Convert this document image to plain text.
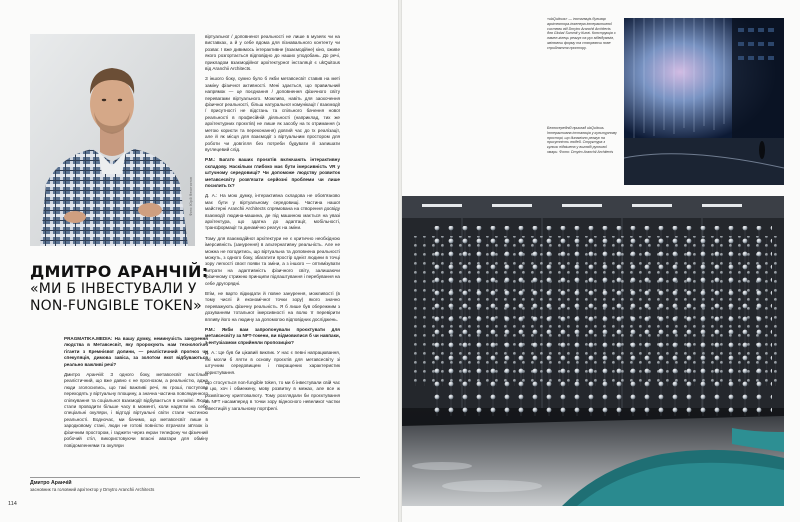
Фото: Юрій Феоктистов
ДМИТРО АРАНЧІЙ:
«МИ Б ІНВЕСТУВАЛИ У NON-FUNGIBLE TOKEN»

PRAGMATIKA.MEDIA: На вашу думку, неминучість занурення людства в Метавсесвіт, яку пророкують нам технологічні гіганти з Кремнієвої долини, — реалістичний прогноз чи спекуляція, димова завіса, за золотом якої відбуваються реально важливі речі?

Дмитро Аранчій: З одного боку, метавсесвіт настільки реалістичний, що вже давно є не прогнозом, а реальністю, адже люди зголосились, що такі важливі речі, як гроші, поступово переходять у віртуальну площину, а значна частина повсякденного спілкування та соціальної взаємодії відбувається в онлайні. Люди стали проводити більше часу в моменті, коли надягли на себе спеціальні окуляри, і відтоді віртуальні світи стали частиною реальності. Водночас, ми бачимо, що метавсесвіт лише в зародковому стані, люди не готові повністю втрачати зв'язок із фізичним простором, і гаджети через екран телефону чи фізичний робочий стіл, використовуючи власні аватари для обміну повідомленнями та окуляри

віртуальної / доповненої реальності не лише в музеях чи на виставках, а й у себе вдома для пізнавального контенту чи розваг. І вже дивимось інтерактивне (взаємодійне) кіно, оживе якого розгортається відповідно до наших уподобань. До речі, прикладом взаємодійної архітектурної інсталяції є ukQuitous від Aranchii Architects.

З іншого боку, сумно було б якби метавсесвіт ставив на меті заміну фізичної активності. Мені здається, що правильний напрямок — це поєднання / доповнення фізичного світу перевагами віртуального. Можливо, навіть для заохочення фізичної реальності, більш натуральної комунікації / взаємодії / присутності не відстань та спільного бачення нової реальності в професійній діяльності (наприклад, тих же архітектурних проєктів) не лише як засобу на їх отримання (з метою користи та переконання) довгий час до їх реалізації, але й як місця для взаємодії з віртуальним простором для роботи чи довгілля без потреби будувати й залишати вуглецевий слід.

P.M.: Багато ваших проєктів включають інтерактивну складову. Наскільки глибоко має бути імерсивність VR у штучному середовищі? Чи допоможе людству розвиток метавсесвіту розв'язати серйозні проблеми чи лише посилить їх?

Д. А.: На мою думку, інтерактивна складова не обов'язково має бути у віртуальному середовищі. Частина нашої майстерні Aranchii Architects спрямована на створення досвіду взаємодії людина-машина, де під машиною мається на увазі архітектура, що здатна до адаптації, мобільності, трансформації та динамічно реагує на зміни.

Тому для взаємодійної архітектури не є критично необхідною імерсивність (занурення) в альтернативну реальність. Але не можна не погодитись, що віртуальна та доповнена реальності можуть, з одного боку, збагатити простір однієї людини в точці зору легкості своєї появи та зміни, а з іншого — оптимізувати витрати на адаптивність фізичного світу, залишаючи фізичному стрижню принципи підлаштування і перебування на себе другорядні.

Втім, не варто відкидати й повне занурення, можливості (в тому числі й економічної точки зору) якого значно переважують фізичну реальність. Я б лише був обережним з дозуванням тотальної імерсивності на волю її перевірити впливу його на людину за допомогою відповідних досліджень.

P.M.: Якби вам запропонували проєктувати для метавсесвіту за NFT-токени, ви відмовилися б чи навпаки, з ентузіазмом сприйняли пропозицію?

Д. А.: Це був би цікавий виклик. У нас є певні напрацювання, які могли б лягти в основу проєктів для метавсесвіту зі штучним середовищем і покращених характеристик користування.

Що стосується non-fungible token, то ми б інвестували свій час в цю, хоч і обмежену, мову розвитку в межах, але все ж розквітаючу криптовалюту. Тому розглядали би проєктування за NFT насамперед в точки зору відносного невеликої частки інвестицій у загальному портфелі.

Дмитро Аранчій
засновник та головний архітектор у Dmytro Aranchii Architects
114
«ubQuitous» — інсталяція-бульвар архітектора-інженера інтерактивної системи від Dmytro Aranchii Architects для Global Summit у Києві. Конструкція з ламел-кілець реагує на рух відвідувачів, змінюючи форму та створюючи нове сприйняття простору.
Безпосередній приклад ubQuitous. Інтерактивна інсталяція у культурному просторі, що динамічно реагує на присутність людей. Структура з кульок підвішена у вигляді рухливої хмари. Фото: Dmytro Aranchii Architects
